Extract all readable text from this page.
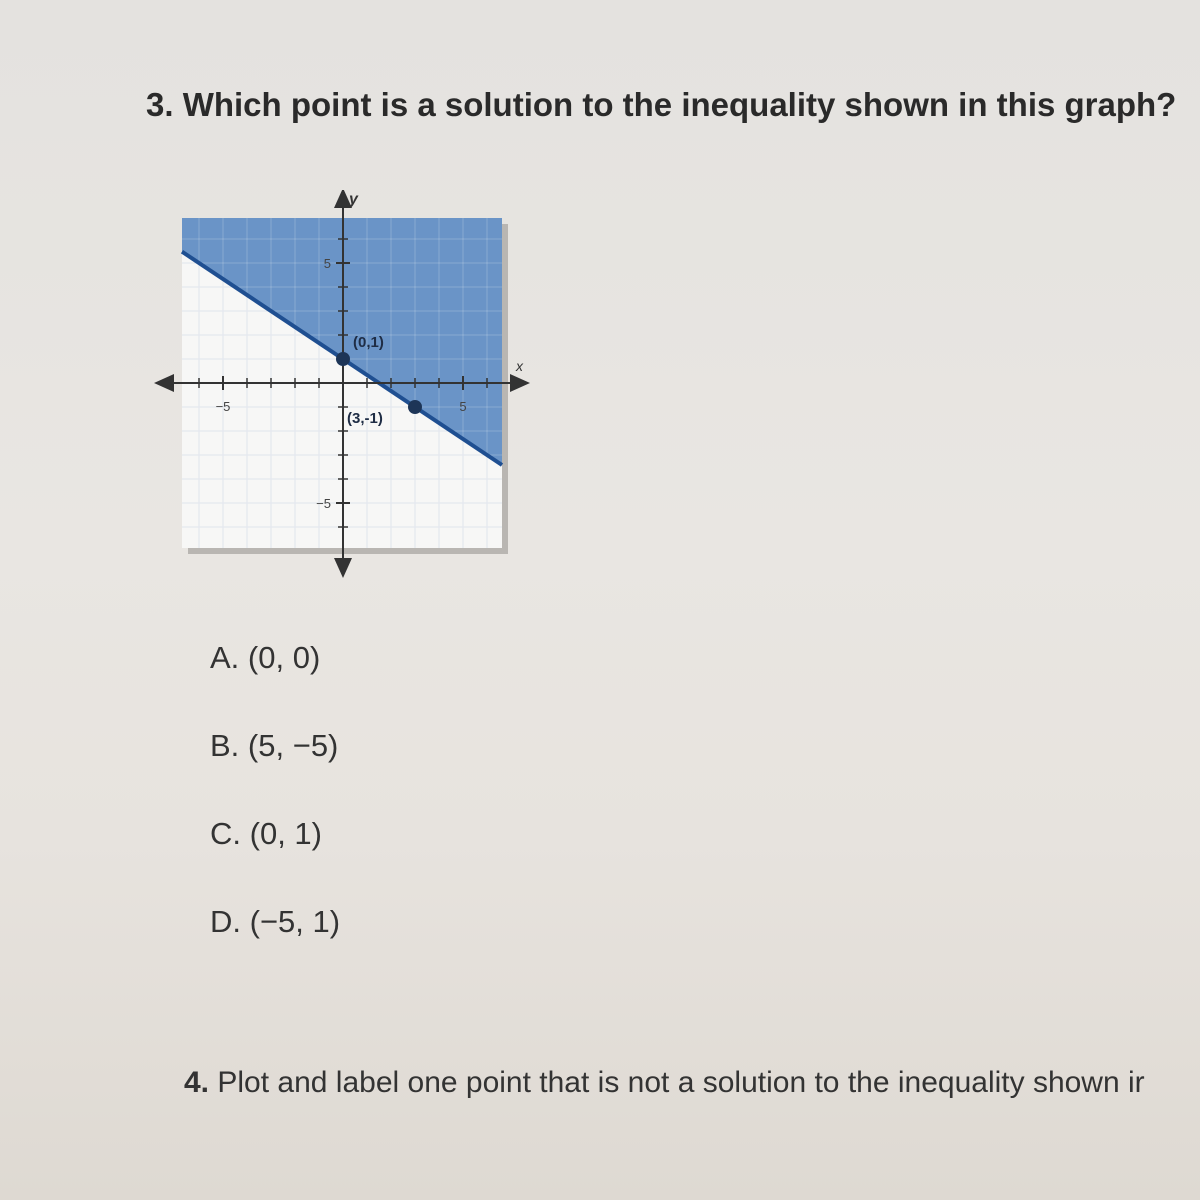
3. Which point is a solution to the inequality shown in this graph?
x
y
−5	5
5
−5
(0,1)
(3,-1)
A. (0, 0)
B. (5, −5)
C. (0, 1)
D. (−5, 1)
4. Plot and label one point that is not a solution to the inequality shown ir
